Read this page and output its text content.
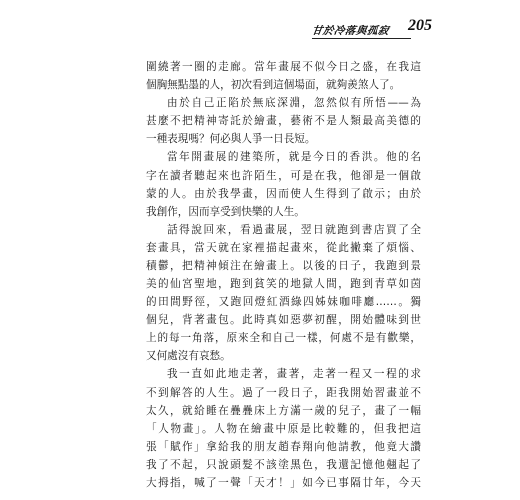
甘於冷落與孤寂 205
圍繞著一圈的走廊。當年畫展不似今日之盛，在我這
個胸無點墨的人，初次看到這個場面，就夠羨煞人了。
由於自己正陷於無底深淵，忽然似有所悟——為
甚麼不把精神寄託於繪畫，藝術不是人類最高美德的
一種表現嗎？何必與人爭一日長短。
當年開畫展的建築所，就是今日的香洪。他的名
字在讀者聽起來也許陌生，可是在我，他卻是一個啟
蒙的人。由於我學畫，因而使人生得到了啟示；由於
我創作，因而享受到快樂的人生。
話得說回來，看過畫展，翌日就跑到書店買了全
套畫具，當天就在家裡描起畫來，從此撇棄了煩惱、
積鬱，把精神傾注在繪畫上。以後的日子，我跑到景
美的仙宮聖地，跑到貧笑的地獄人間，跑到青草如茵
的田間野徑，又跑回燈紅酒綠四姊妹咖啡廳……。獨
個兒，背著畫包。此時真如惡夢初醒，開始體味到世
上的每一角落，原來全和自己一樣，何處不是有歡樂，
又何處沒有哀愁。
我一直如此地走著，畫著，走著一程又一程的求
不到解答的人生。過了一段日子，距我開始習畫並不
太久，就給睡在疊疊床上方滿一歲的兒子，畫了一幅
「人物畫」。人物在繪畫中原是比較難的，但我把這
張「賦作」拿給我的朋友趙春翔向他請教，他竟大讚
我了不起，只說頭髮不該塗黑色，我還記憶他翹起了
大拇指，喊了一聲「天才！」如今已事隔廿年，今天
